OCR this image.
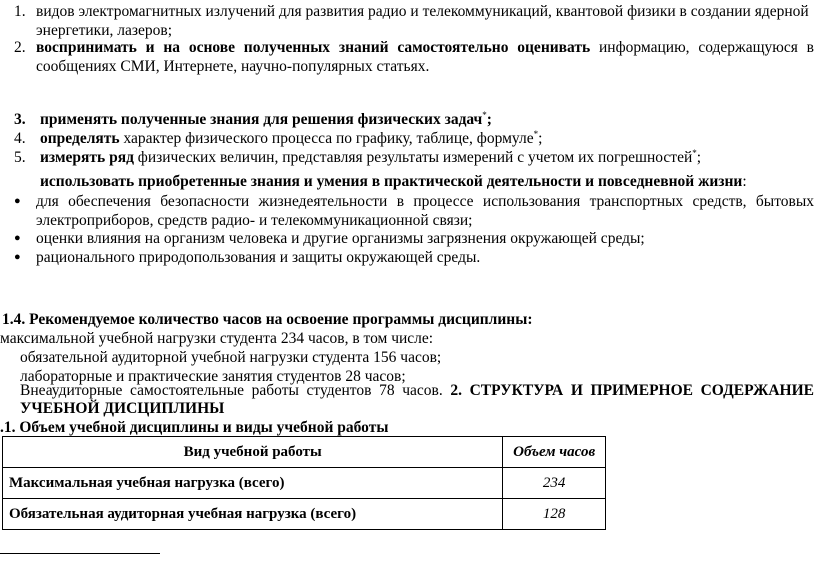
1. видов электромагнитных излучений для развития радио и телекоммуникаций, квантовой физики в создании ядерной
энергетики, лазеров;
2. воспринимать и на основе полученных знаний самостоятельно оценивать информацию, содержащуюся в
сообщениях СМИ, Интернете, научно-популярных статьях.
3. применять полученные знания для решения физических задач*;
4. определять характер физического процесса по графику, таблице, формуле*;
5. измерять ряд физических величин, представляя результаты измерений с учетом их погрешностей*;
использовать приобретенные знания и умения в практической деятельности и повседневной жизни:
● для обеспечения безопасности жизнедеятельности в процессе использования транспортных средств, бытовых
электроприборов, средств радио- и телекоммуникационной связи;
● оценки влияния на организм человека и другие организмы загрязнения окружающей среды;
● рационального природопользования и защиты окружающей среды.
1.4. Рекомендуемое количество часов на освоение программы дисциплины:
максимальной учебной нагрузки студента 234 часов, в том числе:
обязательной аудиторной учебной нагрузки студента 156 часов;
лабораторные и практические занятия студентов 28 часов;
Внеаудиторные самостоятельные работы студентов 78 часов. 2. СТРУКТУРА И ПРИМЕРНОЕ СОДЕРЖАНИЕ
УЧЕБНОЙ ДИСЦИПЛИНЫ
.1. Объем учебной дисциплины и виды учебной работы
Вид учебной работы	Объем часов
Максимальная учебная нагрузка (всего)	234
Обязательная аудиторная учебная нагрузка (всего)	128
